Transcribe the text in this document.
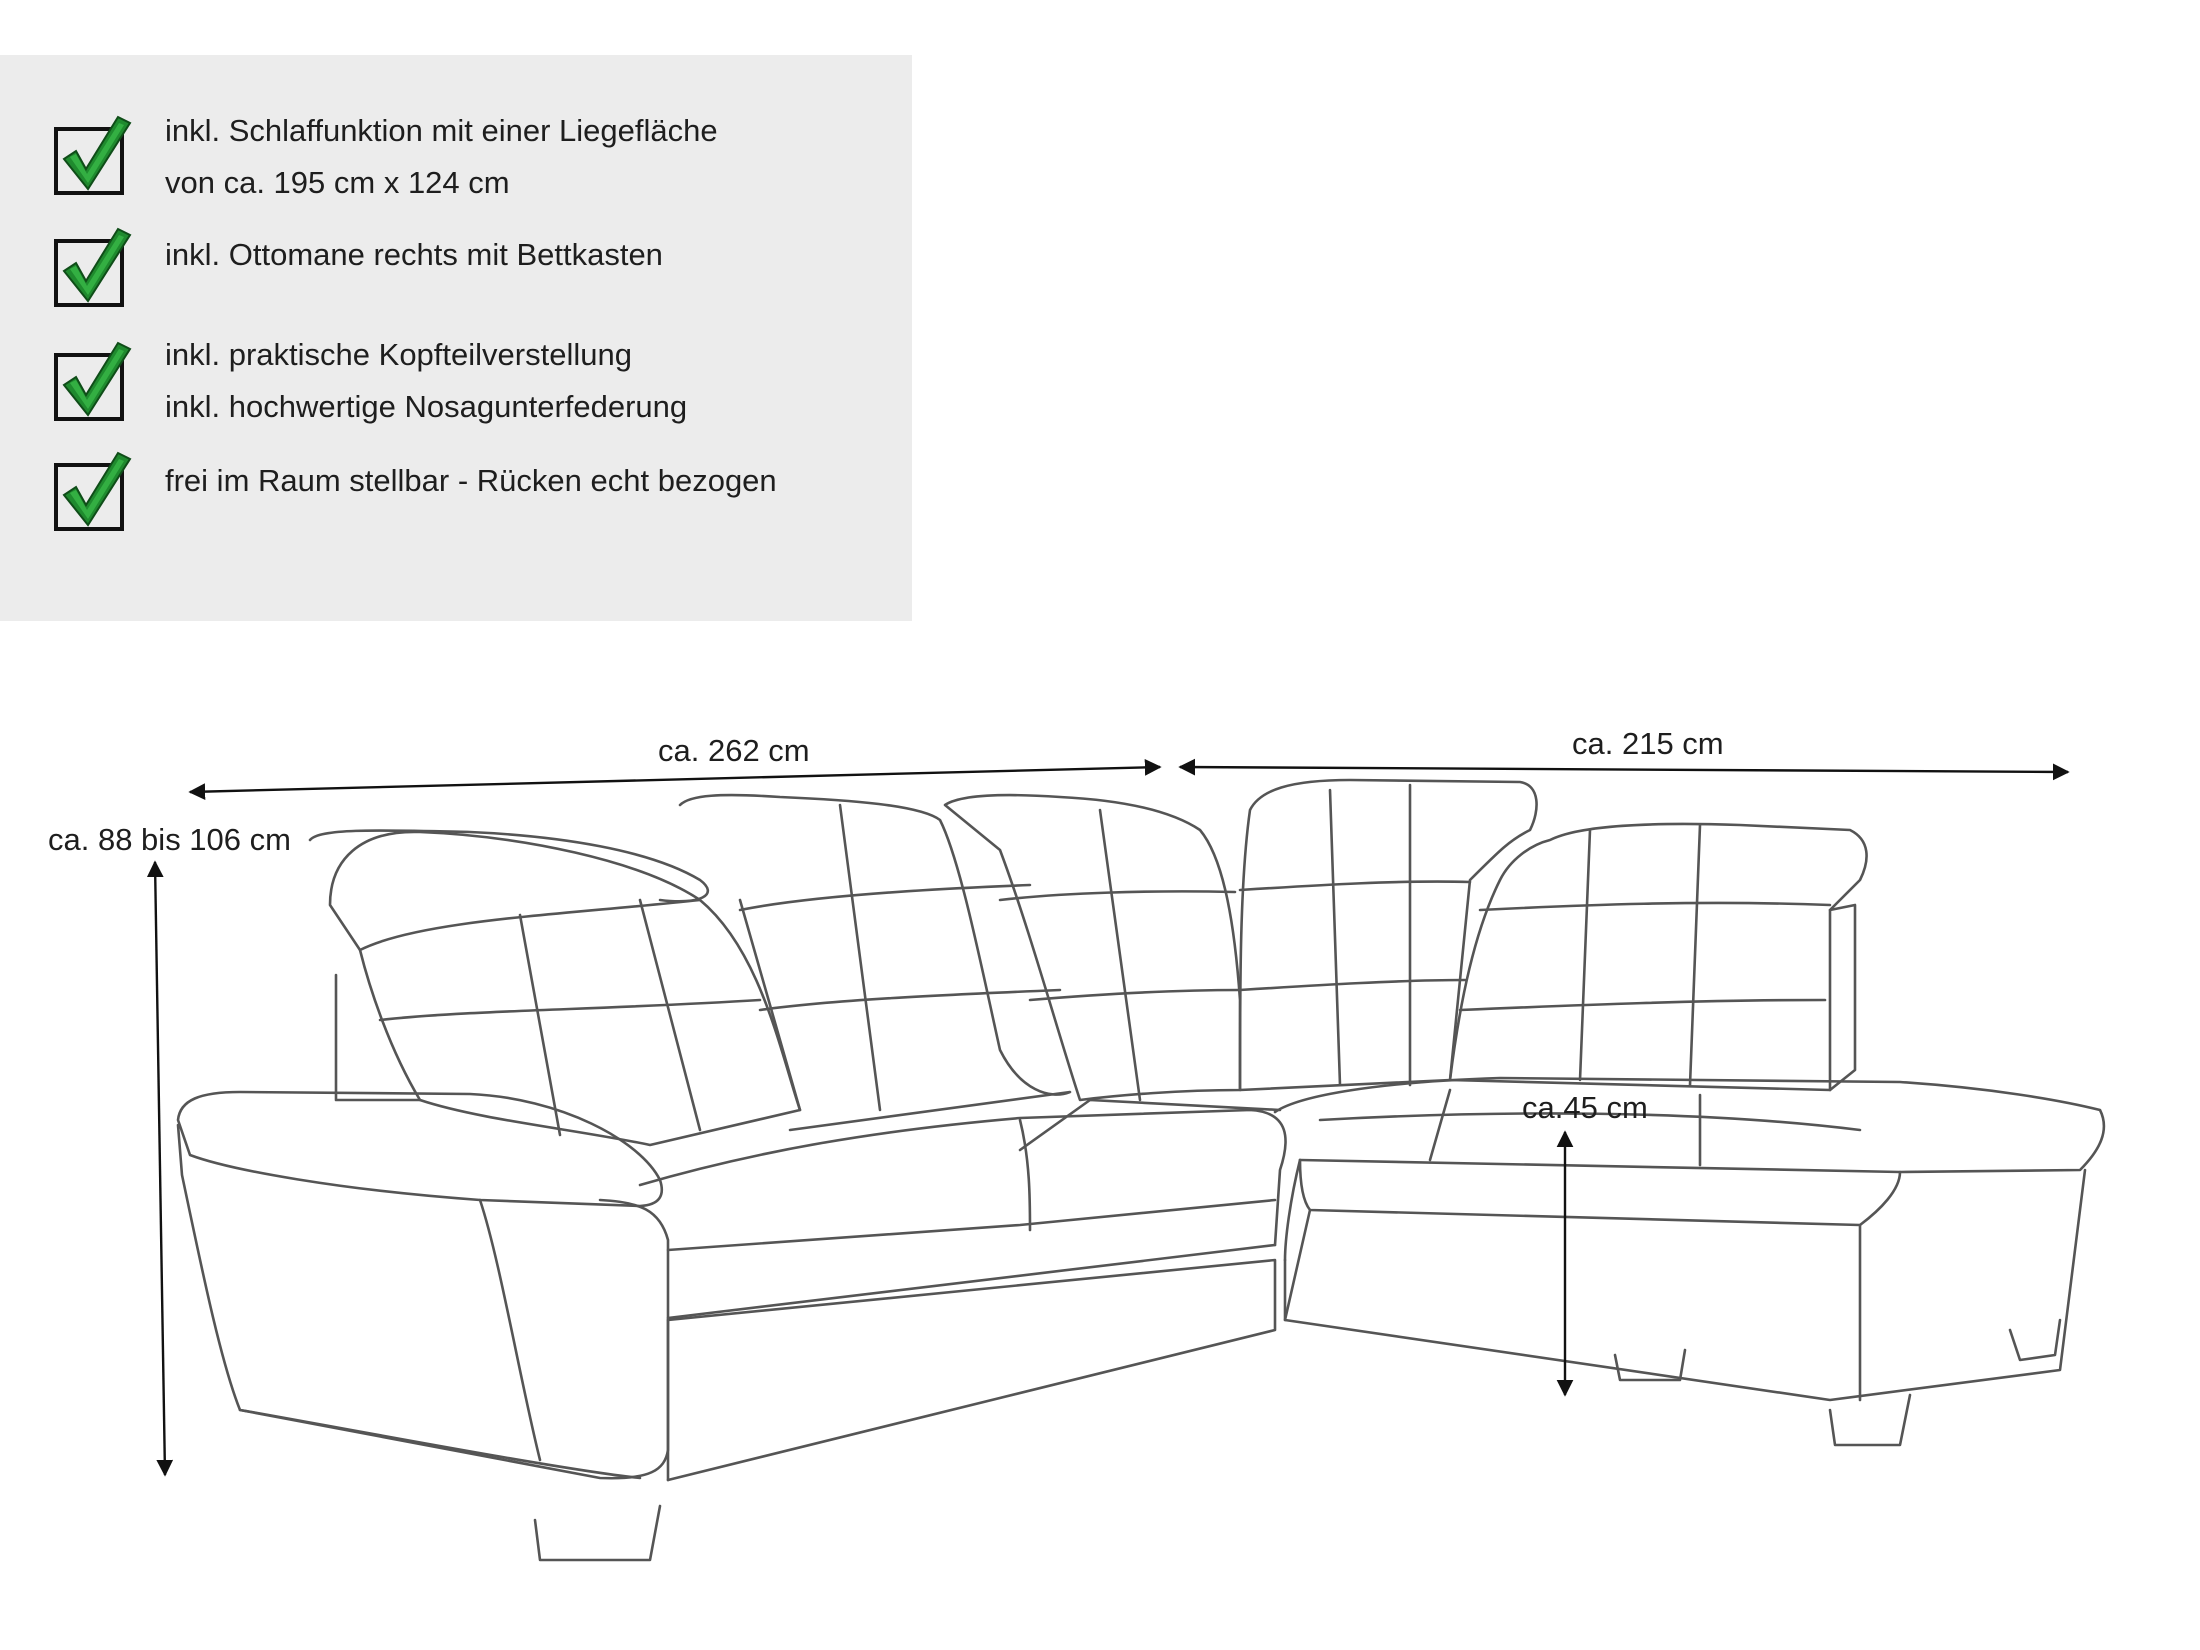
inkl. Schlaffunktion mit einer Liegefläche
von ca. 195 cm x 124 cm
inkl. Ottomane rechts mit Bettkasten
inkl. praktische Kopfteilverstellung
inkl. hochwertige Nosagunterfederung
frei im Raum stellbar - Rücken echt bezogen
ca. 262 cm	ca. 215 cm
ca. 88 bis 106 cm
ca.45 cm
